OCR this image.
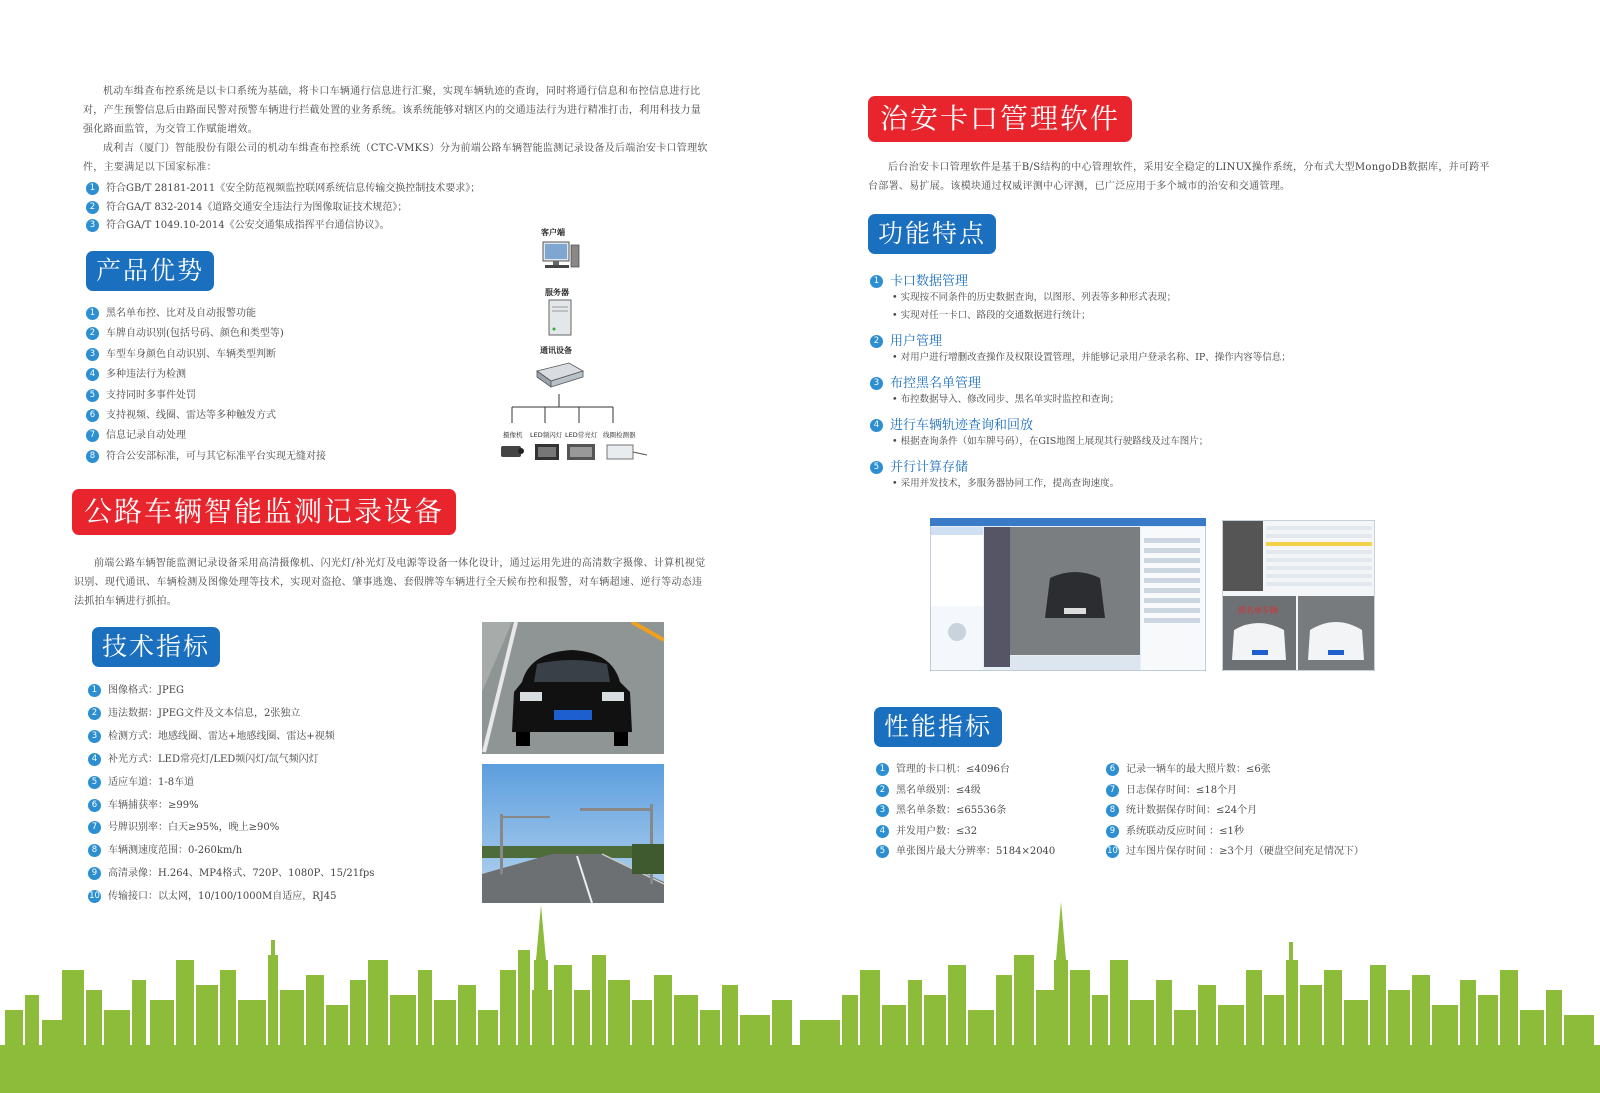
机动车缉查布控系统是以卡口系统为基础，将卡口车辆通行信息进行汇聚，实现车辆轨迹的查询，同时将通行信息和布控信息进行比对，产生预警信息后由路面民警对预警车辆进行拦截处置的业务系统。该系统能够对辖区内的交通违法行为进行精准打击，利用科技力量强化路面监管，为交管工作赋能增效。
成利吉（厦门）智能股份有限公司的机动车缉查布控系统（CTC-VMKS）分为前端公路车辆智能监测记录设备及后端治安卡口管理软件，主要满足以下国家标准：
1 符合GB/T 28181-2011《安全防范视频监控联网系统信息传输交换控制技术要求》；
2 符合GA/T 832-2014《道路交通安全违法行为图像取证技术规范》；
3 符合GA/T 1049.10-2014《公安交通集成指挥平台通信协议》。
产品优势
1 黑名单布控、比对及自动报警功能
2 车牌自动识别(包括号码、颜色和类型等)
3 车型车身颜色自动识别、车辆类型判断
4 多种违法行为检测
5 支持同时多事件处罚
6 支持视频、线圈、雷达等多种触发方式
7 信息记录自动处理
8 符合公安部标准，可与其它标准平台实现无缝对接
客户端
服务器
通讯设备
摄像机 LED频闪灯 LED常亮灯 线圈检测器
公路车辆智能监测记录设备
前端公路车辆智能监测记录设备采用高清摄像机、闪光灯/补光灯及电源等设备一体化设计，通过运用先进的高清数字摄像、计算机视觉识别、现代通讯、车辆检测及图像处理等技术，实现对盗抢、肇事逃逸、套假牌等车辆进行全天候布控和报警，对车辆超速、逆行等动态违法抓拍车辆进行抓拍。
技术指标
1 图像格式：JPEG
2 违法数据：JPEG文件及文本信息，2张独立
3 检测方式：地感线圈、雷达+地感线圈、雷达+视频
4 补光方式：LED常亮灯/LED频闪灯/氙气频闪灯
5 适应车道：1-8车道
6 车辆捕获率：≥99%
7 号牌识别率：白天≥95%，晚上≥90%
8 车辆测速度范围：0-260km/h
9 高清录像：H.264、MP4格式、720P、1080P、15/21fps
10 传输接口：以太网，10/100/1000M自适应，RJ45
治安卡口管理软件
后台治安卡口管理软件是基于B/S结构的中心管理软件，采用安全稳定的LINUX操作系统，分布式大型MongoDB数据库，并可跨平台部署、易扩展。该模块通过权威评测中心评测，已广泛应用于多个城市的治安和交通管理。
功能特点
1 卡口数据管理
• 实现按不同条件的历史数据查询，以图形、列表等多种形式表现；
• 实现对任一卡口、路段的交通数据进行统计；
2 用户管理
• 对用户进行增删改查操作及权限设置管理，并能够记录用户登录名称、IP、操作内容等信息；
3 布控黑名单管理
• 布控数据导入、修改同步、黑名单实时监控和查询；
4 进行车辆轨迹查询和回放
• 根据查询条件（如车牌号码），在GIS地图上展现其行驶路线及过车图片；
5 并行计算存储
• 采用并发技术，多服务器协同工作，提高查询速度。
黑名单车辆
性能指标
1 管理的卡口机：≤4096台
2 黑名单级别：≤4级
3 黑名单条数：≤65536条
4 并发用户数：≤32
5 单张图片最大分辨率：5184×2040
6 记录一辆车的最大照片数：≤6张
7 日志保存时间：≤18个月
8 统计数据保存时间：≤24个月
9 系统联动反应时间 ：≤1秒
10 过车图片保存时间 ：≥3个月（硬盘空间充足情况下）
